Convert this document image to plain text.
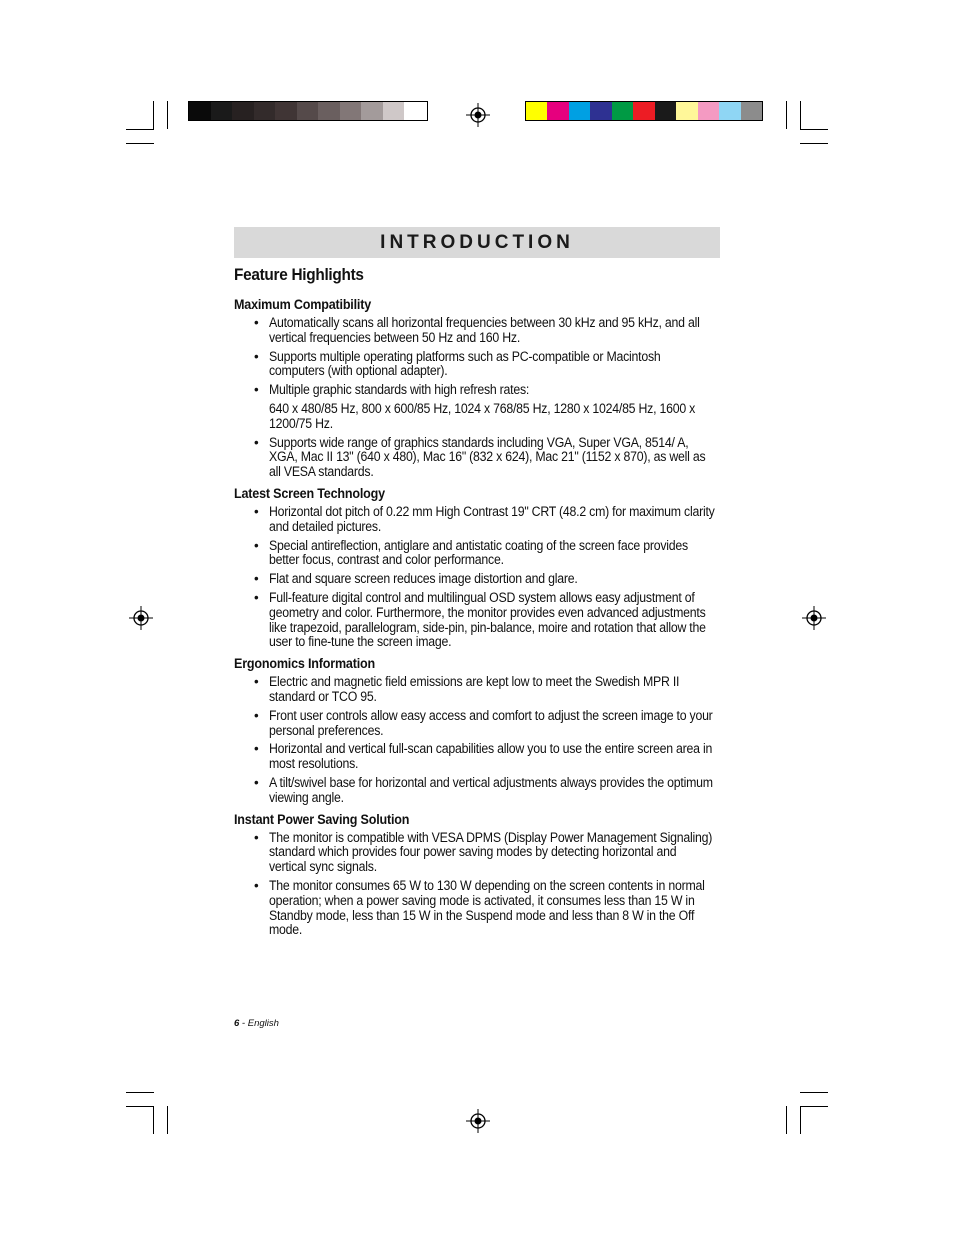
INTRODUCTION
Feature Highlights
Maximum Compatibility
• Automatically scans all horizontal frequencies between 30 kHz and 95 kHz, and all vertical frequencies between 50 Hz and 160 Hz.
• Supports multiple operating platforms such as PC-compatible or Macintosh computers (with optional adapter).
• Multiple graphic standards with high refresh rates:
640 x 480/85 Hz, 800 x 600/85 Hz, 1024 x 768/85 Hz, 1280 x 1024/85 Hz, 1600 x 1200/75 Hz.
• Supports wide range of graphics standards including VGA, Super VGA, 8514/ A, XGA, Mac II 13" (640 x 480), Mac 16" (832 x 624), Mac 21" (1152 x 870), as well as all VESA standards.
Latest Screen Technology
• Horizontal dot pitch of 0.22 mm High Contrast 19" CRT (48.2 cm) for maximum clarity and detailed pictures.
• Special antireflection, antiglare and antistatic coating of the screen face provides better focus, contrast and color performance.
• Flat and square screen reduces image distortion and glare.
• Full-feature digital control and multilingual OSD system allows easy adjustment of geometry and color. Furthermore, the monitor provides even advanced adjustments like trapezoid, parallelogram, side-pin, pin-balance, moire and rotation that allow the user to fine-tune the screen image.
Ergonomics Information
• Electric and magnetic field emissions are kept low to meet the Swedish MPR II standard or TCO 95.
• Front user controls allow easy access and comfort to adjust the screen image to your personal preferences.
• Horizontal and vertical full-scan capabilities allow you to use the entire screen area in most resolutions.
• A tilt/swivel base for horizontal and vertical adjustments always provides the optimum viewing angle.
Instant Power Saving Solution
• The monitor is compatible with VESA DPMS (Display Power Management Signaling) standard which provides four power saving modes by detecting horizontal and vertical sync signals.
• The monitor consumes 65 W to 130 W depending on the screen contents in normal operation; when a power saving mode is activated, it consumes less than 15 W in Standby mode, less than 15 W in the Suspend mode and less than 8 W in the Off mode.
6 - English
